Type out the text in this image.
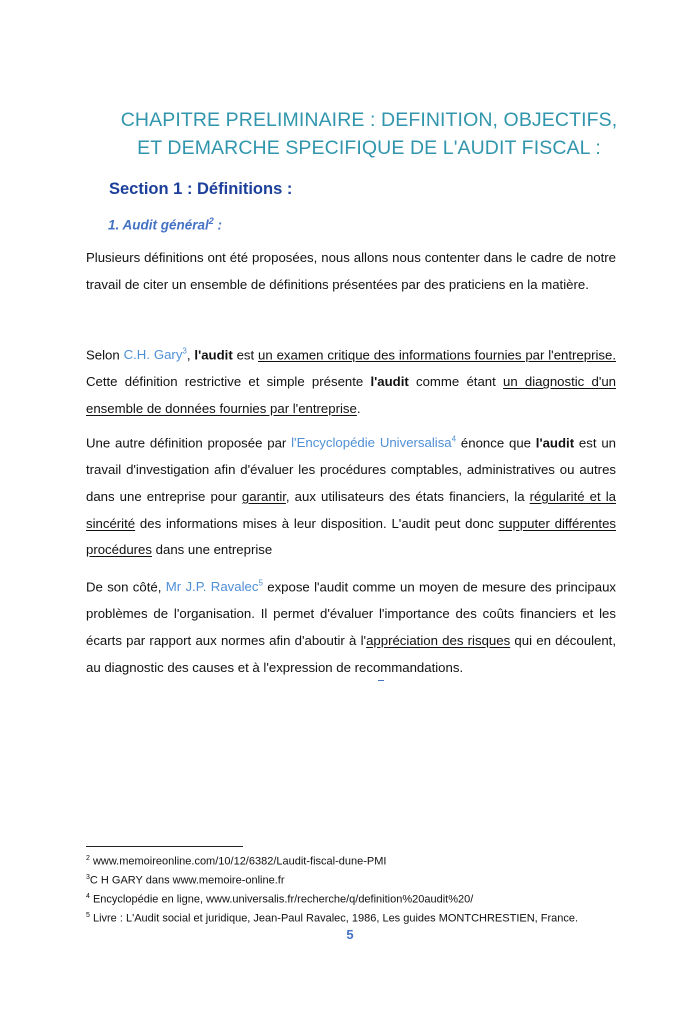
CHAPITRE PRELIMINAIRE : DEFINITION, OBJECTIFS,
ET DEMARCHE SPECIFIQUE DE L'AUDIT FISCAL :
Section 1 : Définitions :
1. Audit général$^2$ :

Plusieurs définitions ont été proposées, nous allons nous contenter dans le cadre de notre travail de citer un ensemble de définitions présentées par des praticiens en la matière.

Selon C.H. Gary$^3$, l'audit est un examen critique des informations fournies par l'entreprise. Cette définition restrictive et simple présente l'audit comme étant un diagnostic d'un ensemble de données fournies par l'entreprise.

Une autre définition proposée par l'Encyclopédie Universalisa$^4$ énonce que l'audit est un travail d'investigation afin d'évaluer les procédures comptables, administratives ou autres dans une entreprise pour garantir, aux utilisateurs des états financiers, la régularité et la sincérité des informations mises à leur disposition. L'audit peut donc supputer différentes procédures dans une entreprise

De son côté, Mr J.P. Ravalec$^5$ expose l'audit comme un moyen de mesure des principaux problèmes de l'organisation. Il permet d'évaluer l'importance des coûts financiers et les écarts par rapport aux normes afin d'aboutir à l'appréciation des risques qui en découlent, au diagnostic des causes et à l'expression de recommandations.

$^2$ www.memoireonline.com/10/12/6382/Laudit-fiscal-dune-PMI
$^3$C H GARY dans www.memoire-online.fr
$^4$ Encyclopédie en ligne, www.universalis.fr/recherche/q/definition%20audit%20/
$^5$ Livre : L'Audit social et juridique, Jean-Paul Ravalec, 1986, Les guides MONTCHRESTIEN, France.
5
